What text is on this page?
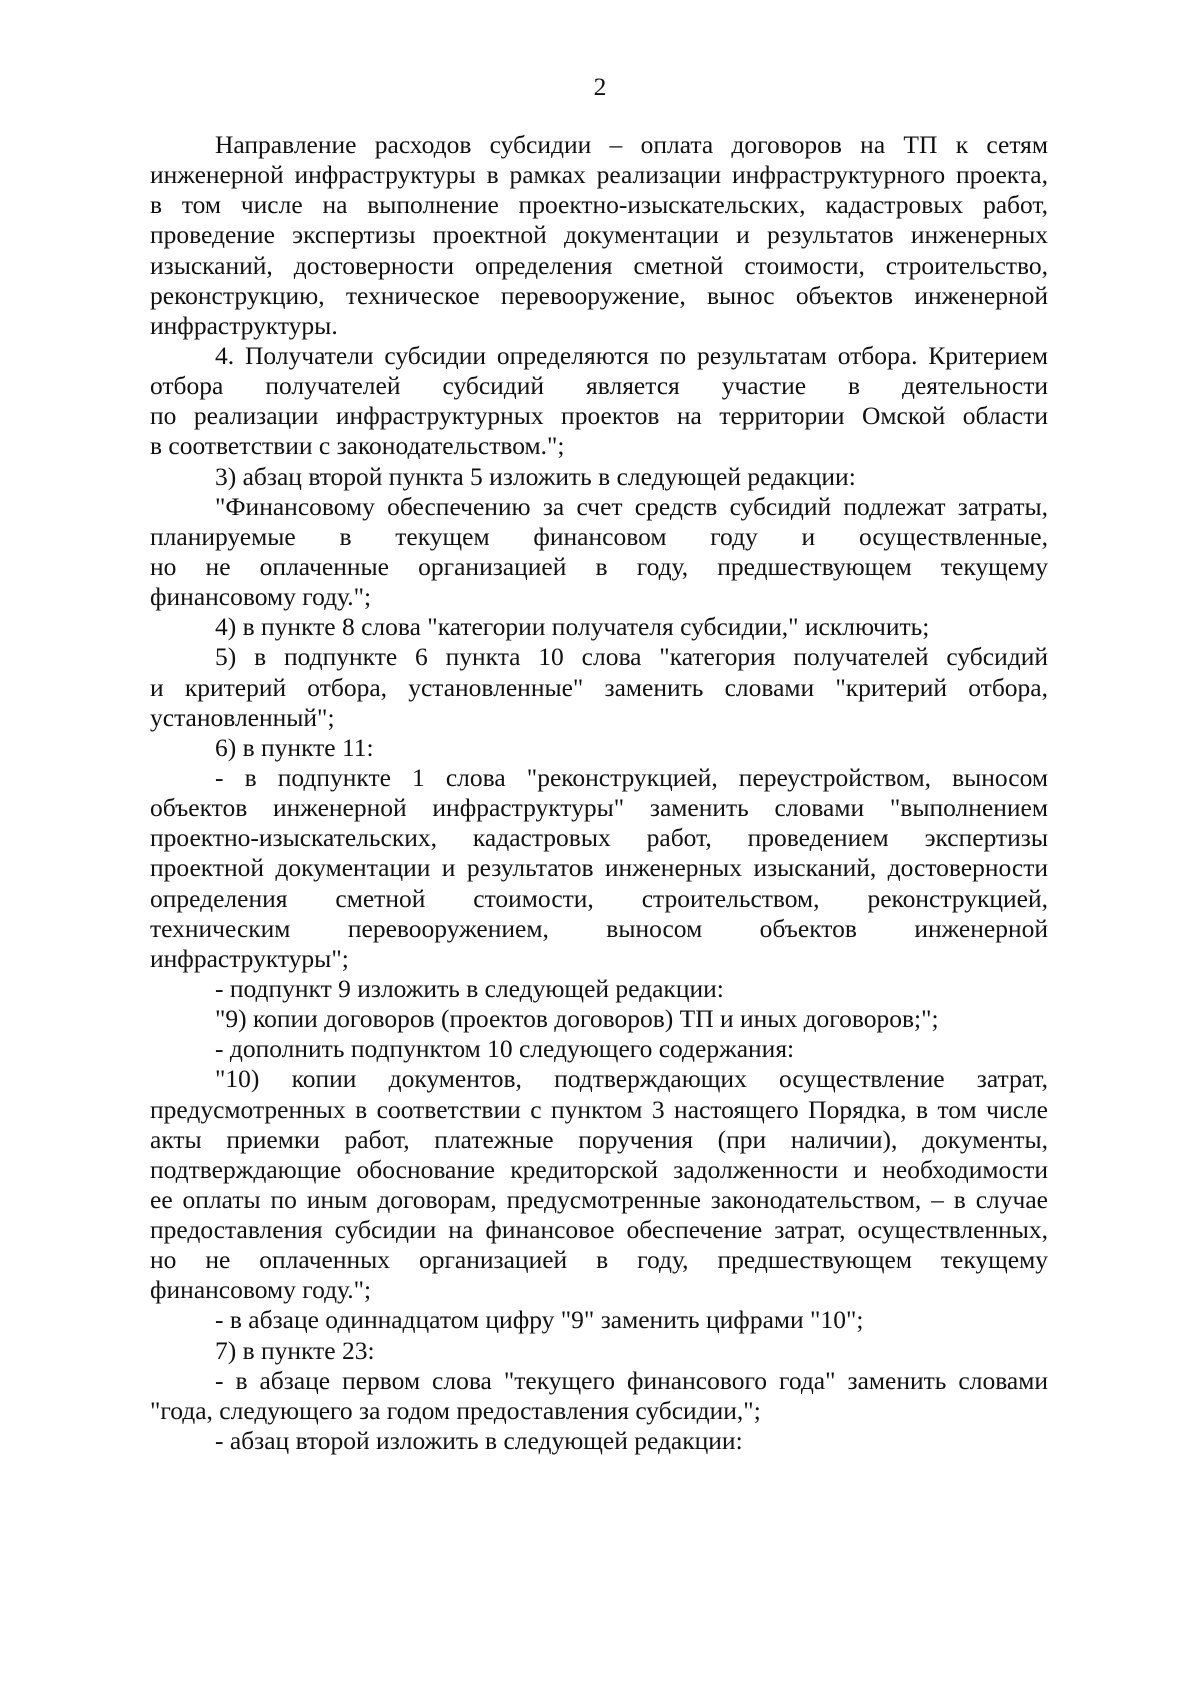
2
Направление расходов субсидии – оплата договоров на ТП к сетям
инженерной инфраструктуры в рамках реализации инфраструктурного проекта,
в том числе на выполнение проектно-изыскательских, кадастровых работ,
проведение экспертизы проектной документации и результатов инженерных
изысканий, достоверности определения сметной стоимости, строительство,
реконструкцию, техническое перевооружение, вынос объектов инженерной
инфраструктуры.
4. Получатели субсидии определяются по результатам отбора. Критерием
отбора получателей субсидий является участие в деятельности
по реализации инфраструктурных проектов на территории Омской области
в соответствии с законодательством.";
3) абзац второй пункта 5 изложить в следующей редакции:
"Финансовому обеспечению за счет средств субсидий подлежат затраты,
планируемые в текущем финансовом году и осуществленные,
но не оплаченные организацией в году, предшествующем текущему
финансовому году.";
4) в пункте 8 слова "категории получателя субсидии," исключить;
5) в подпункте 6 пункта 10 слова "категория получателей субсидий
и критерий отбора, установленные" заменить словами "критерий отбора,
установленный";
6) в пункте 11:
- в подпункте 1 слова "реконструкцией, переустройством, выносом
объектов инженерной инфраструктуры" заменить словами "выполнением
проектно-изыскательских, кадастровых работ, проведением экспертизы
проектной документации и результатов инженерных изысканий, достоверности
определения сметной стоимости, строительством, реконструкцией,
техническим перевооружением, выносом объектов инженерной
инфраструктуры";
- подпункт 9 изложить в следующей редакции:
"9) копии договоров (проектов договоров) ТП и иных договоров;";
- дополнить подпунктом 10 следующего содержания:
"10) копии документов, подтверждающих осуществление затрат,
предусмотренных в соответствии с пунктом 3 настоящего Порядка, в том числе
акты приемки работ, платежные поручения (при наличии), документы,
подтверждающие обоснование кредиторской задолженности и необходимости
ее оплаты по иным договорам, предусмотренные законодательством, – в случае
предоставления субсидии на финансовое обеспечение затрат, осуществленных,
но не оплаченных организацией в году, предшествующем текущему
финансовому году.";
- в абзаце одиннадцатом цифру "9" заменить цифрами "10";
7) в пункте 23:
- в абзаце первом слова "текущего финансового года" заменить словами
"года, следующего за годом предоставления субсидии,";
- абзац второй изложить в следующей редакции:
